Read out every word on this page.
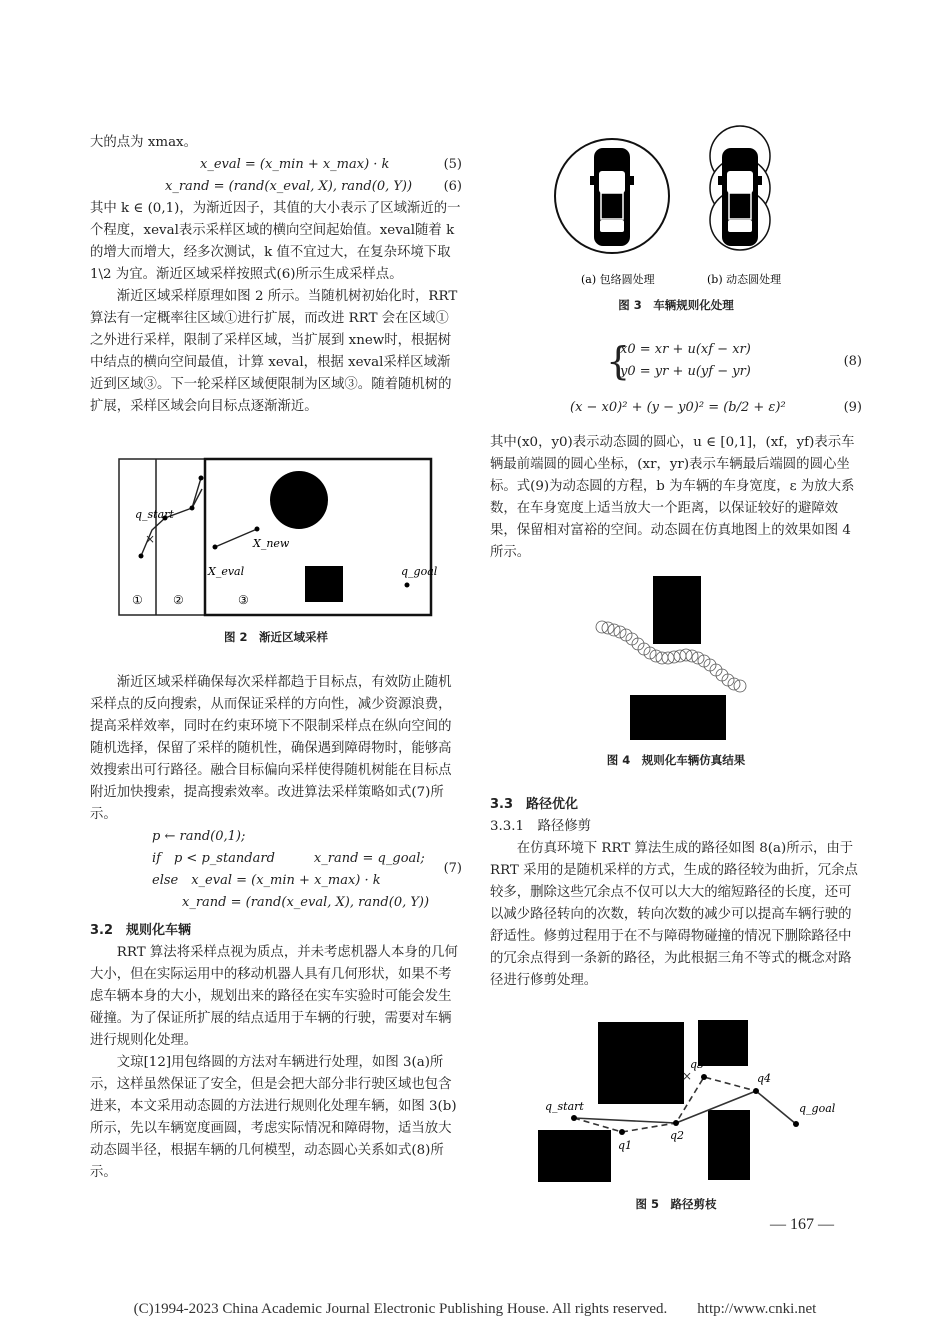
大的点为 xmax。

x_eval = (x_min + x_max) · k	(5)
x_rand = (rand(x_eval, X), rand(0, Y)) (6)

其中 k ∈ (0,1)，为渐近因子，其值的大小表示了区域渐近的一个程度，xeval表示采样区域的横向空间起始值。xeval随着 k 的增大而增大，经多次测试，k 值不宜过大，在复杂环境下取 1\2 为宜。渐近区域采样按照式(6)所示生成采样点。

渐近区域采样原理如图 2 所示。当随机树初始化时，RRT 算法有一定概率往区域①进行扩展，而改进 RRT 会在区域①之外进行采样，限制了采样区域，当扩展到 xnew时，根据树中结点的横向空间最值，计算 xeval，根据 xeval采样区域渐近到区域③。下一轮采样区域便限制为区域③。随着随机树的扩展，采样区域会向目标点逐渐渐近。

×
q_start
X_new
X_eval	q_goal
①	②	③
图 2　渐近区域采样

渐近区域采样确保每次采样都趋于目标点，有效防止随机采样点的反向搜索，从而保证采样的方向性，减少资源浪费，提高采样效率，同时在约束环境下不限制采样点在纵向空间的随机选择，保留了采样的随机性，确保遇到障碍物时，能够高效搜索出可行路径。融合目标偏向采样使得随机树能在目标点附近加快搜索，提高搜索效率。改进算法采样策略如式(7)所示。

p ← rand(0,1);
if　p < p_standard　　　x_rand = q_goal;
else　x_eval = (x_min + x_max) · k
x_rand = (rand(x_eval, X), rand(0, Y))
(7)

3.2　规则化车辆

RRT 算法将采样点视为质点，并未考虑机器人本身的几何大小，但在实际运用中的移动机器人具有几何形状，如果不考虑车辆本身的大小，规划出来的路径在实车实验时可能会发生碰撞。为了保证所扩展的结点适用于车辆的行驶，需要对车辆进行规则化处理。

文琼[12]用包络圆的方法对车辆进行处理，如图 3(a)所示，这样虽然保证了安全，但是会把大部分非行驶区域也包含进来，本文采用动态圆的方法进行规则化处理车辆，如图 3(b)所示，先以车辆宽度画圆，考虑实际情况和障碍物，适当放大动态圆半径，根据车辆的几何模型，动态圆心关系如式(8)所示。

(a) 包络圆处理	(b) 动态圆处理
图 3　车辆规则化处理
{
x0 = xr + u(xf − xr)
y0 = yr + u(yf − yr)
(8)
(x − x0)² + (y − y0)² = (b/2 + ε)²	(9)

其中(x0，y0)表示动态圆的圆心，u ∈ [0,1]，(xf，yf)表示车辆最前端圆的圆心坐标，(xr，yr)表示车辆最后端圆的圆心坐标。式(9)为动态圆的方程，b 为车辆的车身宽度，ε 为放大系数，在车身宽度上适当放大一个距离，以保证较好的避障效果，保留相对富裕的空间。动态圆在仿真地图上的效果如图 4 所示。

图 4　规则化车辆仿真结果

3.3　路径优化

3.3.1　路径修剪

在仿真环境下 RRT 算法生成的路径如图 8(a)所示，由于 RRT 采用的是随机采样的方式，生成的路径较为曲折，冗余点较多，删除这些冗余点不仅可以大大的缩短路径的长度，还可以减少路径转向的次数，转向次数的减少可以提高车辆行驶的舒适性。修剪过程用于在不与障碍物碰撞的情况下删除路径中的冗余点得到一条新的路径，为此根据三角不等式的概念对路径进行修剪处理。

×
q_start
q1
q2
q3
q4
q_goal
图 5　路径剪枝
— 167 —
(C)1994-2023 China Academic Journal Electronic Publishing House. All rights reserved.　　http://www.cnki.net
